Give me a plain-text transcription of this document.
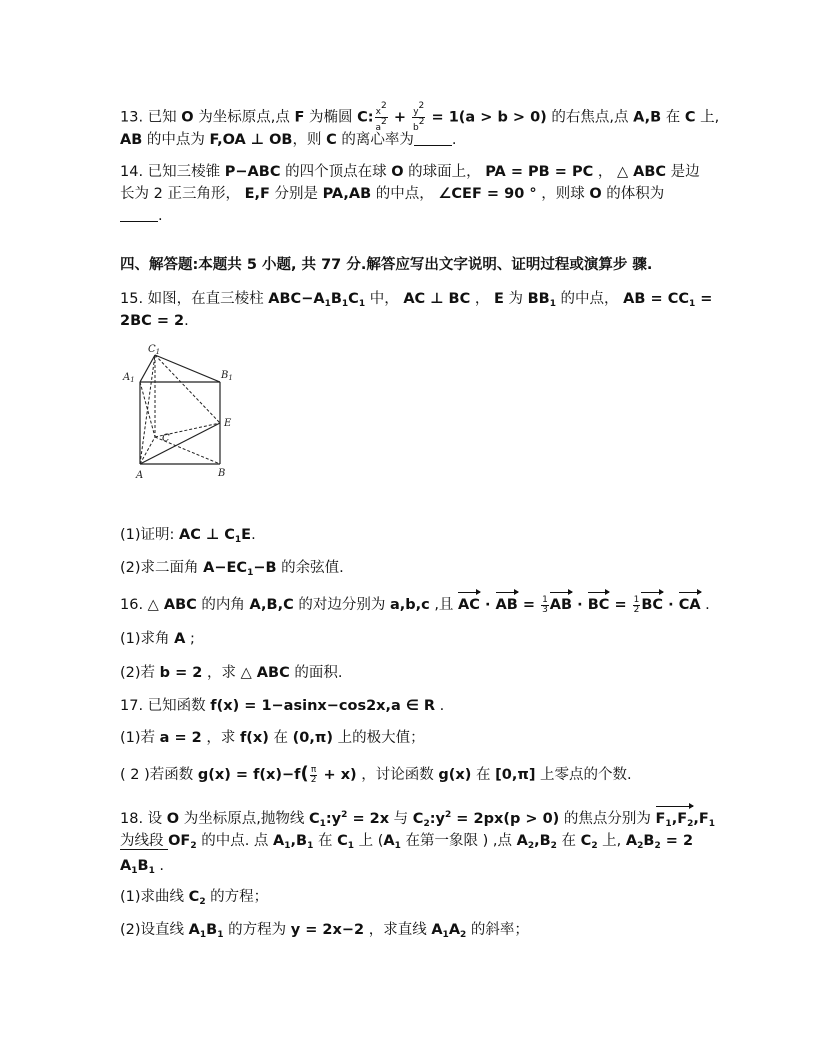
13. 已知 O 为坐标原点,点 F 为椭圆 C: $\frac{x2}{a2} + \frac{y2}{b2} = 1(a > b > 0)$ 的右焦点,点 A,B 在 C 上,
AB 的中点为 F,OA ⊥ OB，则 C 的离心率为	.
14. 已知三棱锥 P−ABC 的四个顶点在球 O 的球面上， PA = PB = PC ， △ ABC 是边
长为 2 正三角形， E,F 分别是 PA,AB 的中点， ∠CEF = 90 ° ，则球 O 的体积为
.
四、解答题:本题共 5 小题, 共 77 分.解答应写出文字说明、证明过程或演算步 骤.
15. 如图，在直三棱柱 $ABC-A_1B_1C_1$ 中， AC ⊥ BC ， E 为 $BB_1$ 的中点， AB = $CC_1$ =
2BC = 2.
$C_1$
$A_1$	$B_1$
E
C
A	B
(1)证明: AC ⊥ $C_1E$.
(2)求二面角 $A-EC_1-B$ 的余弦值.
16. △ ABC 的内角 A,B,C 的对边分别为 a,b,c ,且 AC · AB = $\frac{1}{3}$ AB · BC = $\frac{1}{2}$ BC · CA .
(1)求角 A ;
(2)若 b = 2 ，求 △ ABC 的面积.
17. 已知函数 f(x) = 1−asinx−cos2x,a ∈ R .
(1)若 a = 2 ，求 f(x) 在 (0,π) 上的极大值；
( 2 )若函数 $g(x) = f(x)-f( \frac{\pi}{2} + x)$ ，讨论函数 g(x) 在 [0,π] 上零点的个数.
18. 设 O 为坐标原点,抛物线 $C_1:y^2 = 2x$ 与 $C_2:y^2 = 2px(p > 0)$ 的焦点分别为 $F_1,F_2,F_1$
为线段 $OF_2$ 的中点. 点 $A_1,B_1$ 在 $C_1$ 上 ($A_1$ 在第一象限 ) ,点 $A_2,B_2$ 在 $C_2$ 上, $A_2B_2 = 2$
$A_1B_1$ .
(1)求曲线 $C_2$ 的方程；
(2)设直线 $A_1B_1$ 的方程为 y = 2x−2 ，求直线 $A_1A_2$ 的斜率；
